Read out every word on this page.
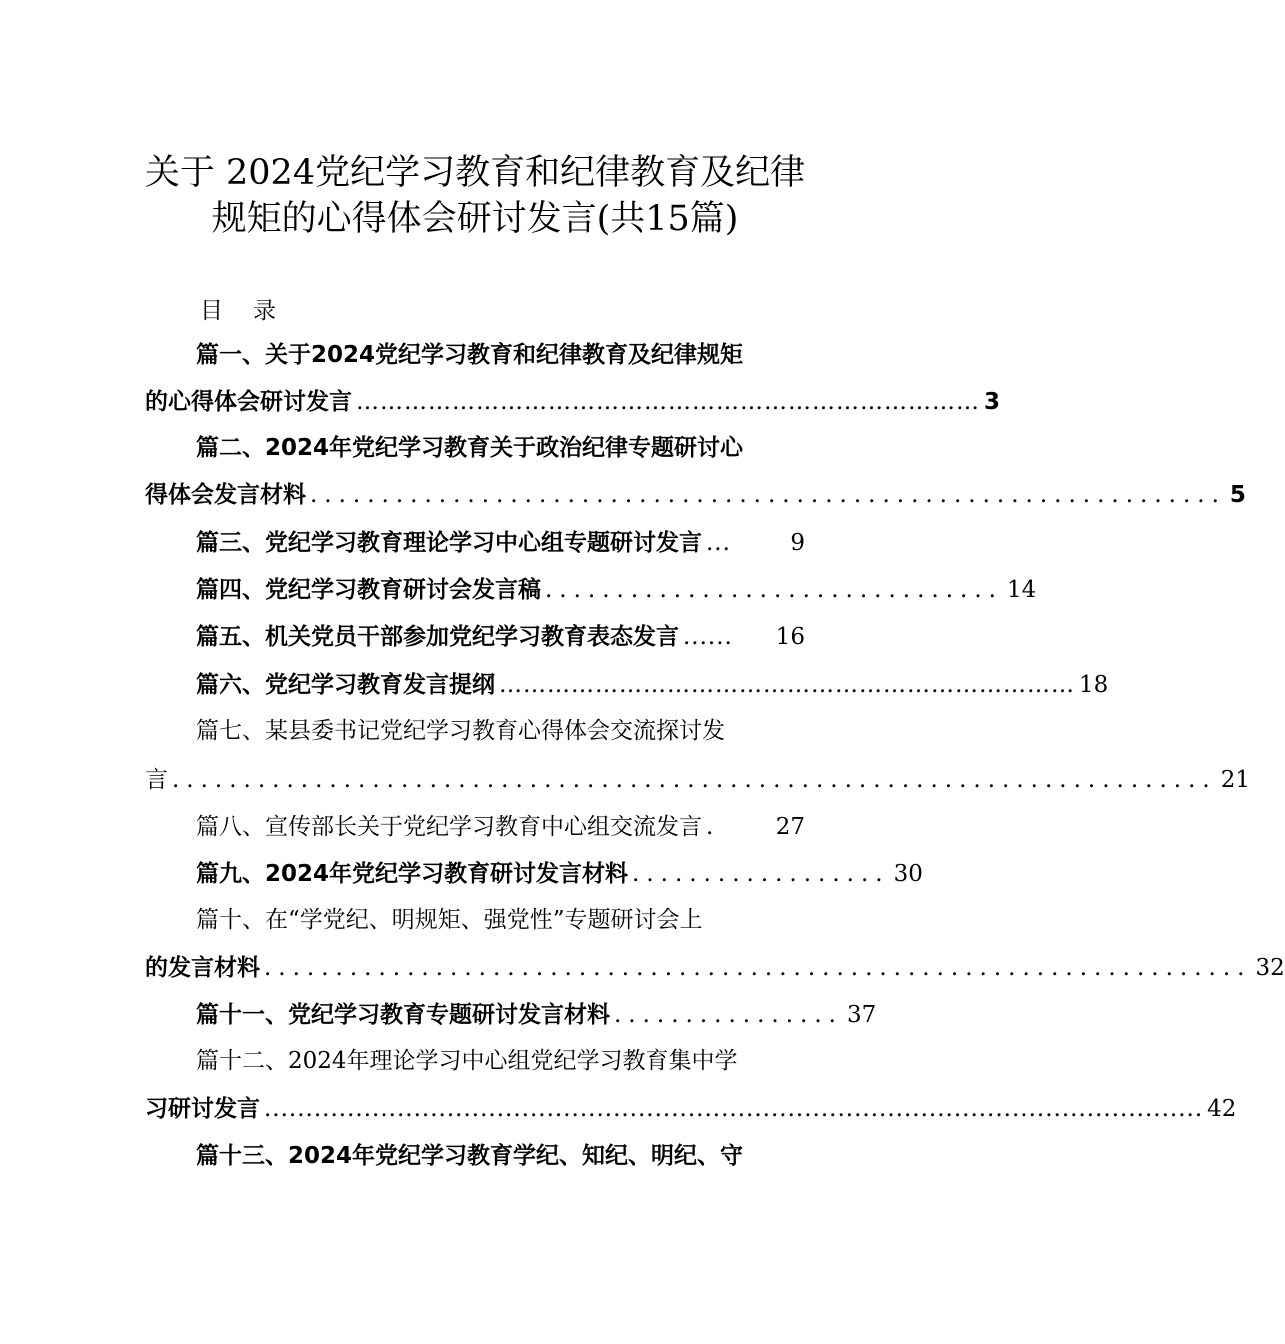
关于 2024党纪学习教育和纪律教育及纪律
规矩的心得体会研讨发言(共15篇)
目录
篇一、关于2024党纪学习教育和纪律教育及纪律规矩
的心得体会研讨发言 …………………………………………………………………… 3
篇二、2024年党纪学习教育关于政治纪律专题研讨心
得体会发言材料 ................................................................ 5
篇三、党纪学习教育理论学习中心组专题研讨发言 ...	9
篇四、党纪学习教育研讨会发言稿 ................................ 14
篇五、机关党员干部参加党纪学习教育表态发言 ......	16
篇六、党纪学习教育发言提纲 ……………………………………………………………… 18
篇七、某县委书记党纪学习教育心得体会交流探讨发
言 ......................................................................... 21
篇八、宣传部长关于党纪学习教育中心组交流发言 .	27
篇九、2024年党纪学习教育研讨发言材料 .................. 30
篇十、在“学党纪、明规矩、强党性”专题研讨会上
的发言材料 ..................................................................... 32
篇十一、党纪学习教育专题研讨发言材料 ................ 37
篇十二、2024年理论学习中心组党纪学习教育集中学
习研讨发言 ................................................................................................................. 42
篇十三、2024年党纪学习教育学纪、知纪、明纪、守
